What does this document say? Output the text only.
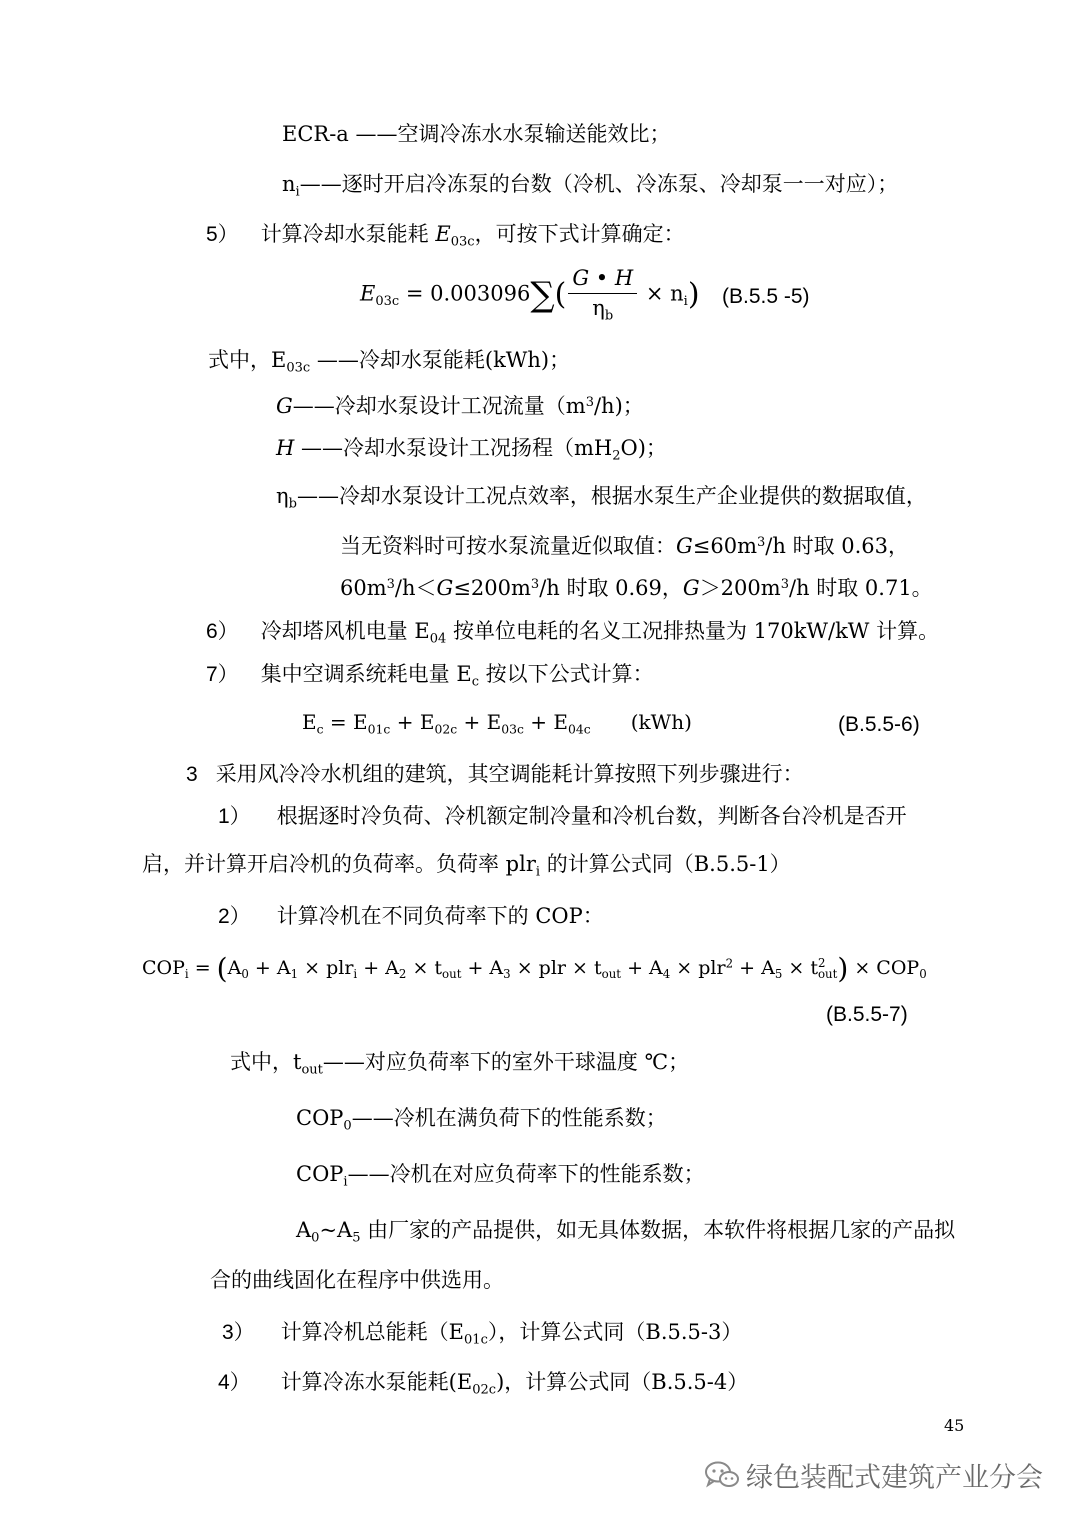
ECR-a ——空调冷冻水水泵输送能效比；
$n_i——$逐时开启冷冻泵的台数（冷机、冷冻泵、冷却泵一一对应）；
5） 计算冷却水泵能耗 $E_{03c}$，可按下式计算确定：
$E_{03c} = 0.003096\sum( \frac{G • H}{\eta_b} \times n_i)$ (B.5.5 -5)
式中，$E_{03c}$ ——冷却水泵能耗(kWh)；
G——冷却水泵设计工况流量$(m^3/h)$；
H ——冷却水泵设计工况扬程$(mH_2O)$；
$\eta_b——$冷却水泵设计工况点效率，根据水泵生产企业提供的数据取值，
当无资料时可按水泵流量近似取值：$G\le 60m^3/h$ 时取 0.63，
$60m^3/h<G\le 200m^3/h$ 时取 0.69，$G>200m^3/h$ 时取 0.71。
6） 冷却塔风机电量 $E_{04}$ 按单位电耗的名义工况排热量为 170kW/kW 计算。
7） 集中空调系统耗电量 $E_c$ 按以下公式计算：
$E_c = E_{01c} + E_{02c} + E_{03c} + E_{04c}$ (kWh)	(B.5.5-6)
3 采用风冷冷水机组的建筑，其空调能耗计算按照下列步骤进行：
1） 根据逐时冷负荷、冷机额定制冷量和冷机台数，判断各台冷机是否开
启，并计算开启冷机的负荷率。负荷率 plr$_i$ 的计算公式同（B.5.5-1）
2） 计算冷机在不同负荷率下的 COP：
$COP_i = (A_0 + A_1 \times plr_i + A_2 \times t_{out} + A_3$ × plr × $t_{out} + A_4 \times plr^2 + A_5 \times t$ 2
out ) × $COP_0$
(B.5.5-7)
式中，$t_{out}——$对应负荷率下的室外干球温度 ℃；
$COP_0——$冷机在满负荷下的性能系数；
$COP_i——$冷机在对应负荷率下的性能系数；
$A_0\sim A_5$ 由厂家的产品提供，如无具体数据，本软件将根据几家的产品拟
合的曲线固化在程序中供选用。
3） 计算冷机总能耗$(E_{01c})$，计算公式同（B.5.5-3）
4） 计算冷冻水泵能耗$(E_{02c})$，计算公式同（B.5.5-4）
45
绿色装配式建筑产业分会
